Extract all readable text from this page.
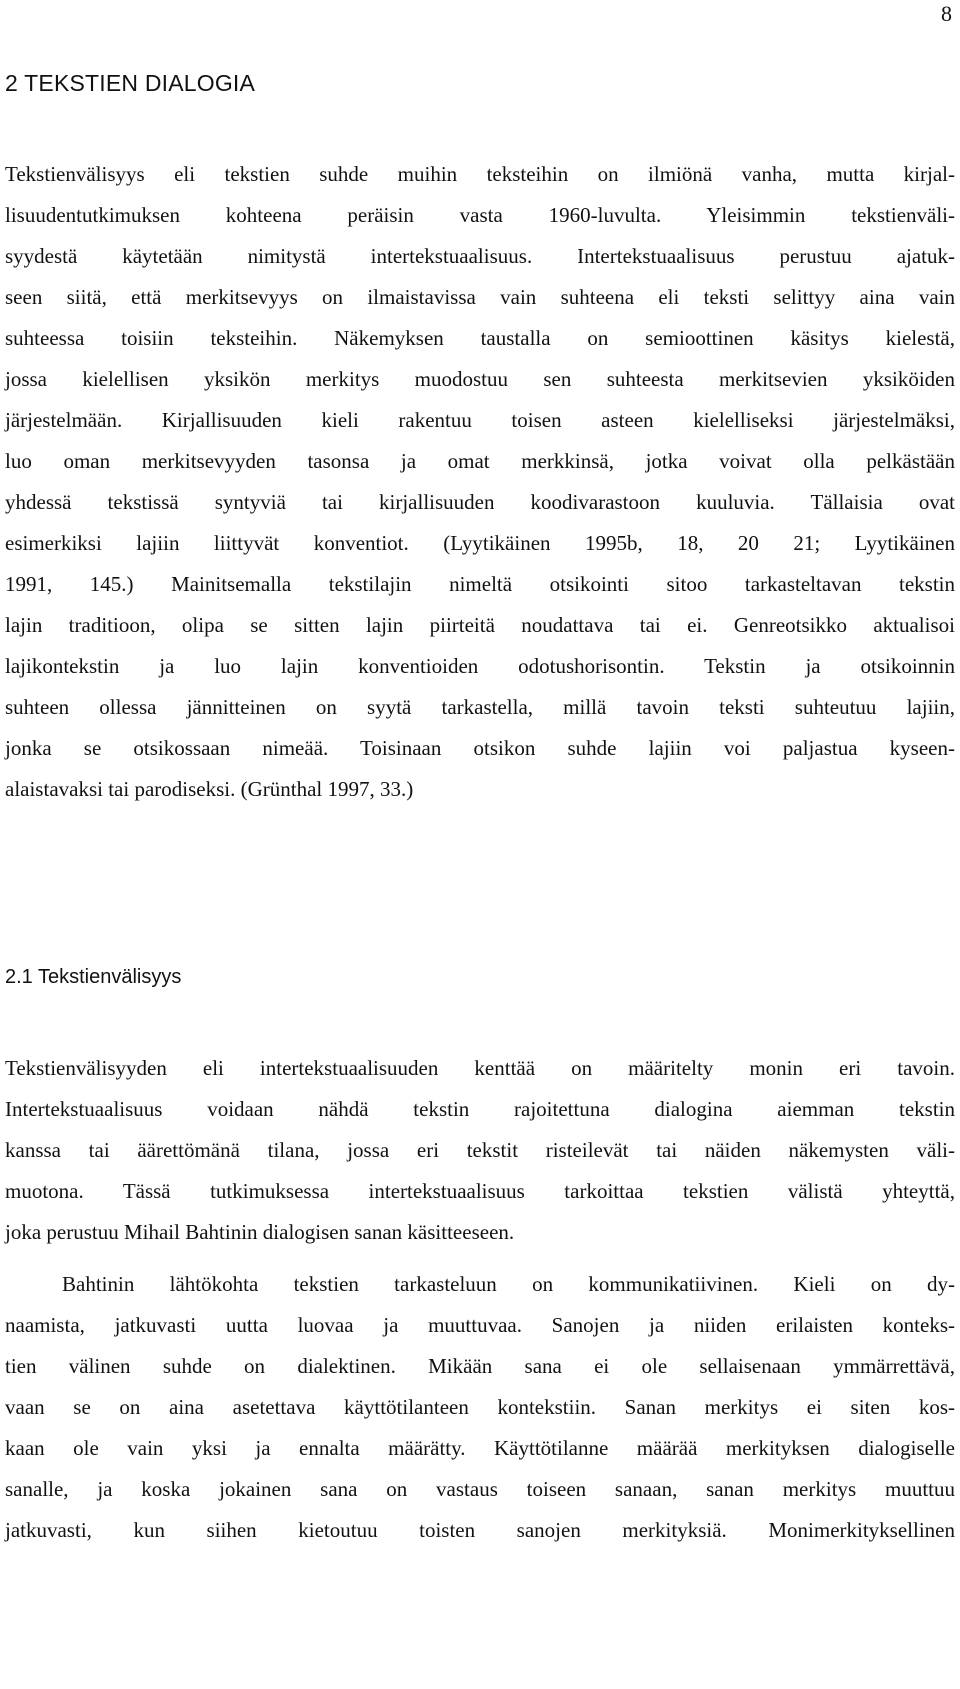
8
2 TEKSTIEN DIALOGIA
Tekstienvälisyys eli tekstien suhde muihin teksteihin on ilmiönä vanha, mutta kirjal-
lisuudentutkimuksen kohteena peräisin vasta 1960-luvulta. Yleisimmin tekstienväli-
syydestä käytetään nimitystä intertekstuaalisuus. Intertekstuaalisuus perustuu ajatuk-
seen siitä, että merkitsevyys on ilmaistavissa vain suhteena eli teksti selittyy aina vain
suhteessa toisiin teksteihin. Näkemyksen taustalla on semioottinen käsitys kielestä,
jossa kielellisen yksikön merkitys muodostuu sen suhteesta merkitsevien yksiköiden
järjestelmään. Kirjallisuuden kieli rakentuu toisen asteen kielelliseksi järjestelmäksi,
luo oman merkitsevyyden tasonsa ja omat merkkinsä, jotka voivat olla pelkästään
yhdessä tekstissä syntyviä tai kirjallisuuden koodivarastoon kuuluvia. Tällaisia ovat
esimerkiksi lajiin liittyvät konventiot. (Lyytikäinen 1995b, 18, 20 21; Lyytikäinen
1991, 145.) Mainitsemalla tekstilajin nimeltä otsikointi sitoo tarkasteltavan tekstin
lajin traditioon, olipa se sitten lajin piirteitä noudattava tai ei. Genreotsikko aktualisoi
lajikontekstin ja luo lajin konventioiden odotushorisontin. Tekstin ja otsikoinnin
suhteen ollessa jännitteinen on syytä tarkastella, millä tavoin teksti suhteutuu lajiin,
jonka se otsikossaan nimeää. Toisinaan otsikon suhde lajiin voi paljastua kyseen-
alaistavaksi tai parodiseksi. (Grünthal 1997, 33.)
2.1 Tekstienvälisyys
Tekstienvälisyyden eli intertekstuaalisuuden kenttää on määritelty monin eri tavoin.
Intertekstuaalisuus voidaan nähdä tekstin rajoitettuna dialogina aiemman tekstin
kanssa tai äärettömänä tilana, jossa eri tekstit risteilevät tai näiden näkemysten väli-
muotona. Tässä tutkimuksessa intertekstuaalisuus tarkoittaa tekstien välistä yhteyttä,
joka perustuu Mihail Bahtinin dialogisen sanan käsitteeseen.
Bahtinin lähtökohta tekstien tarkasteluun on kommunikatiivinen. Kieli on dy-
naamista, jatkuvasti uutta luovaa ja muuttuvaa. Sanojen ja niiden erilaisten konteks-
tien välinen suhde on dialektinen. Mikään sana ei ole sellaisenaan ymmärrettävä,
vaan se on aina asetettava käyttötilanteen kontekstiin. Sanan merkitys ei siten kos-
kaan ole vain yksi ja ennalta määrätty. Käyttötilanne määrää merkityksen dialogiselle
sanalle, ja koska jokainen sana on vastaus toiseen sanaan, sanan merkitys muuttuu
jatkuvasti, kun siihen kietoutuu toisten sanojen merkityksiä. Monimerkityksellinen
